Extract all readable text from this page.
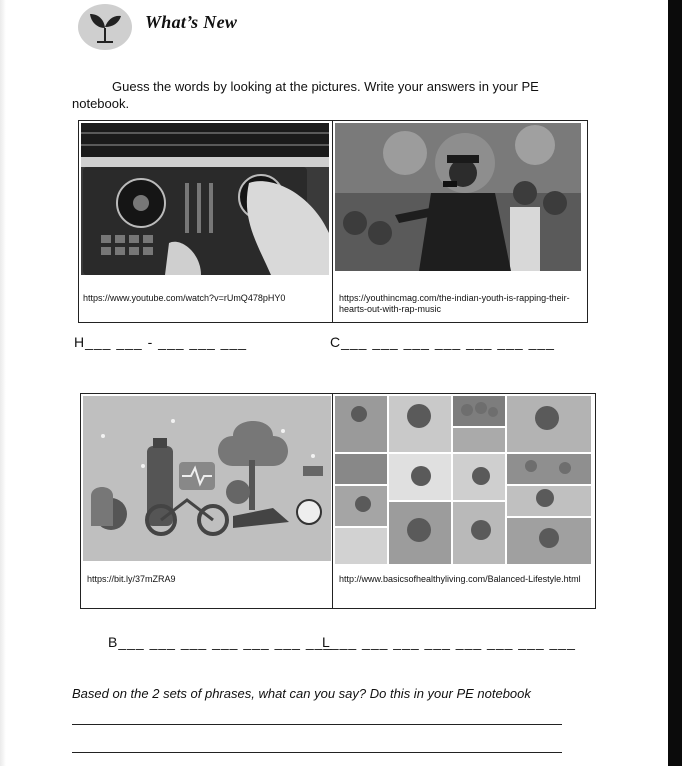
What’s New
Guess the words by looking at the pictures. Write your answers in your PE notebook.
https://www.youtube.com/watch?v=rUmQ478pHY0	https://youthincmag.com/the-indian-youth-is-rapping-their-hearts-out-with-rap-music
H___ ___ - ___ ___ ___	C___ ___ ___ ___ ___ ___ ___
https://bit.ly/37mZRA9	http://www.basicsofhealthyliving.com/Balanced-Lifestyle.html
B___ ___ ___ ___ ___ ___ ___
L___ ___ ___ ___ ___ ___ ___ ___
Based on the 2 sets of phrases, what can you say? Do this in your PE notebook
